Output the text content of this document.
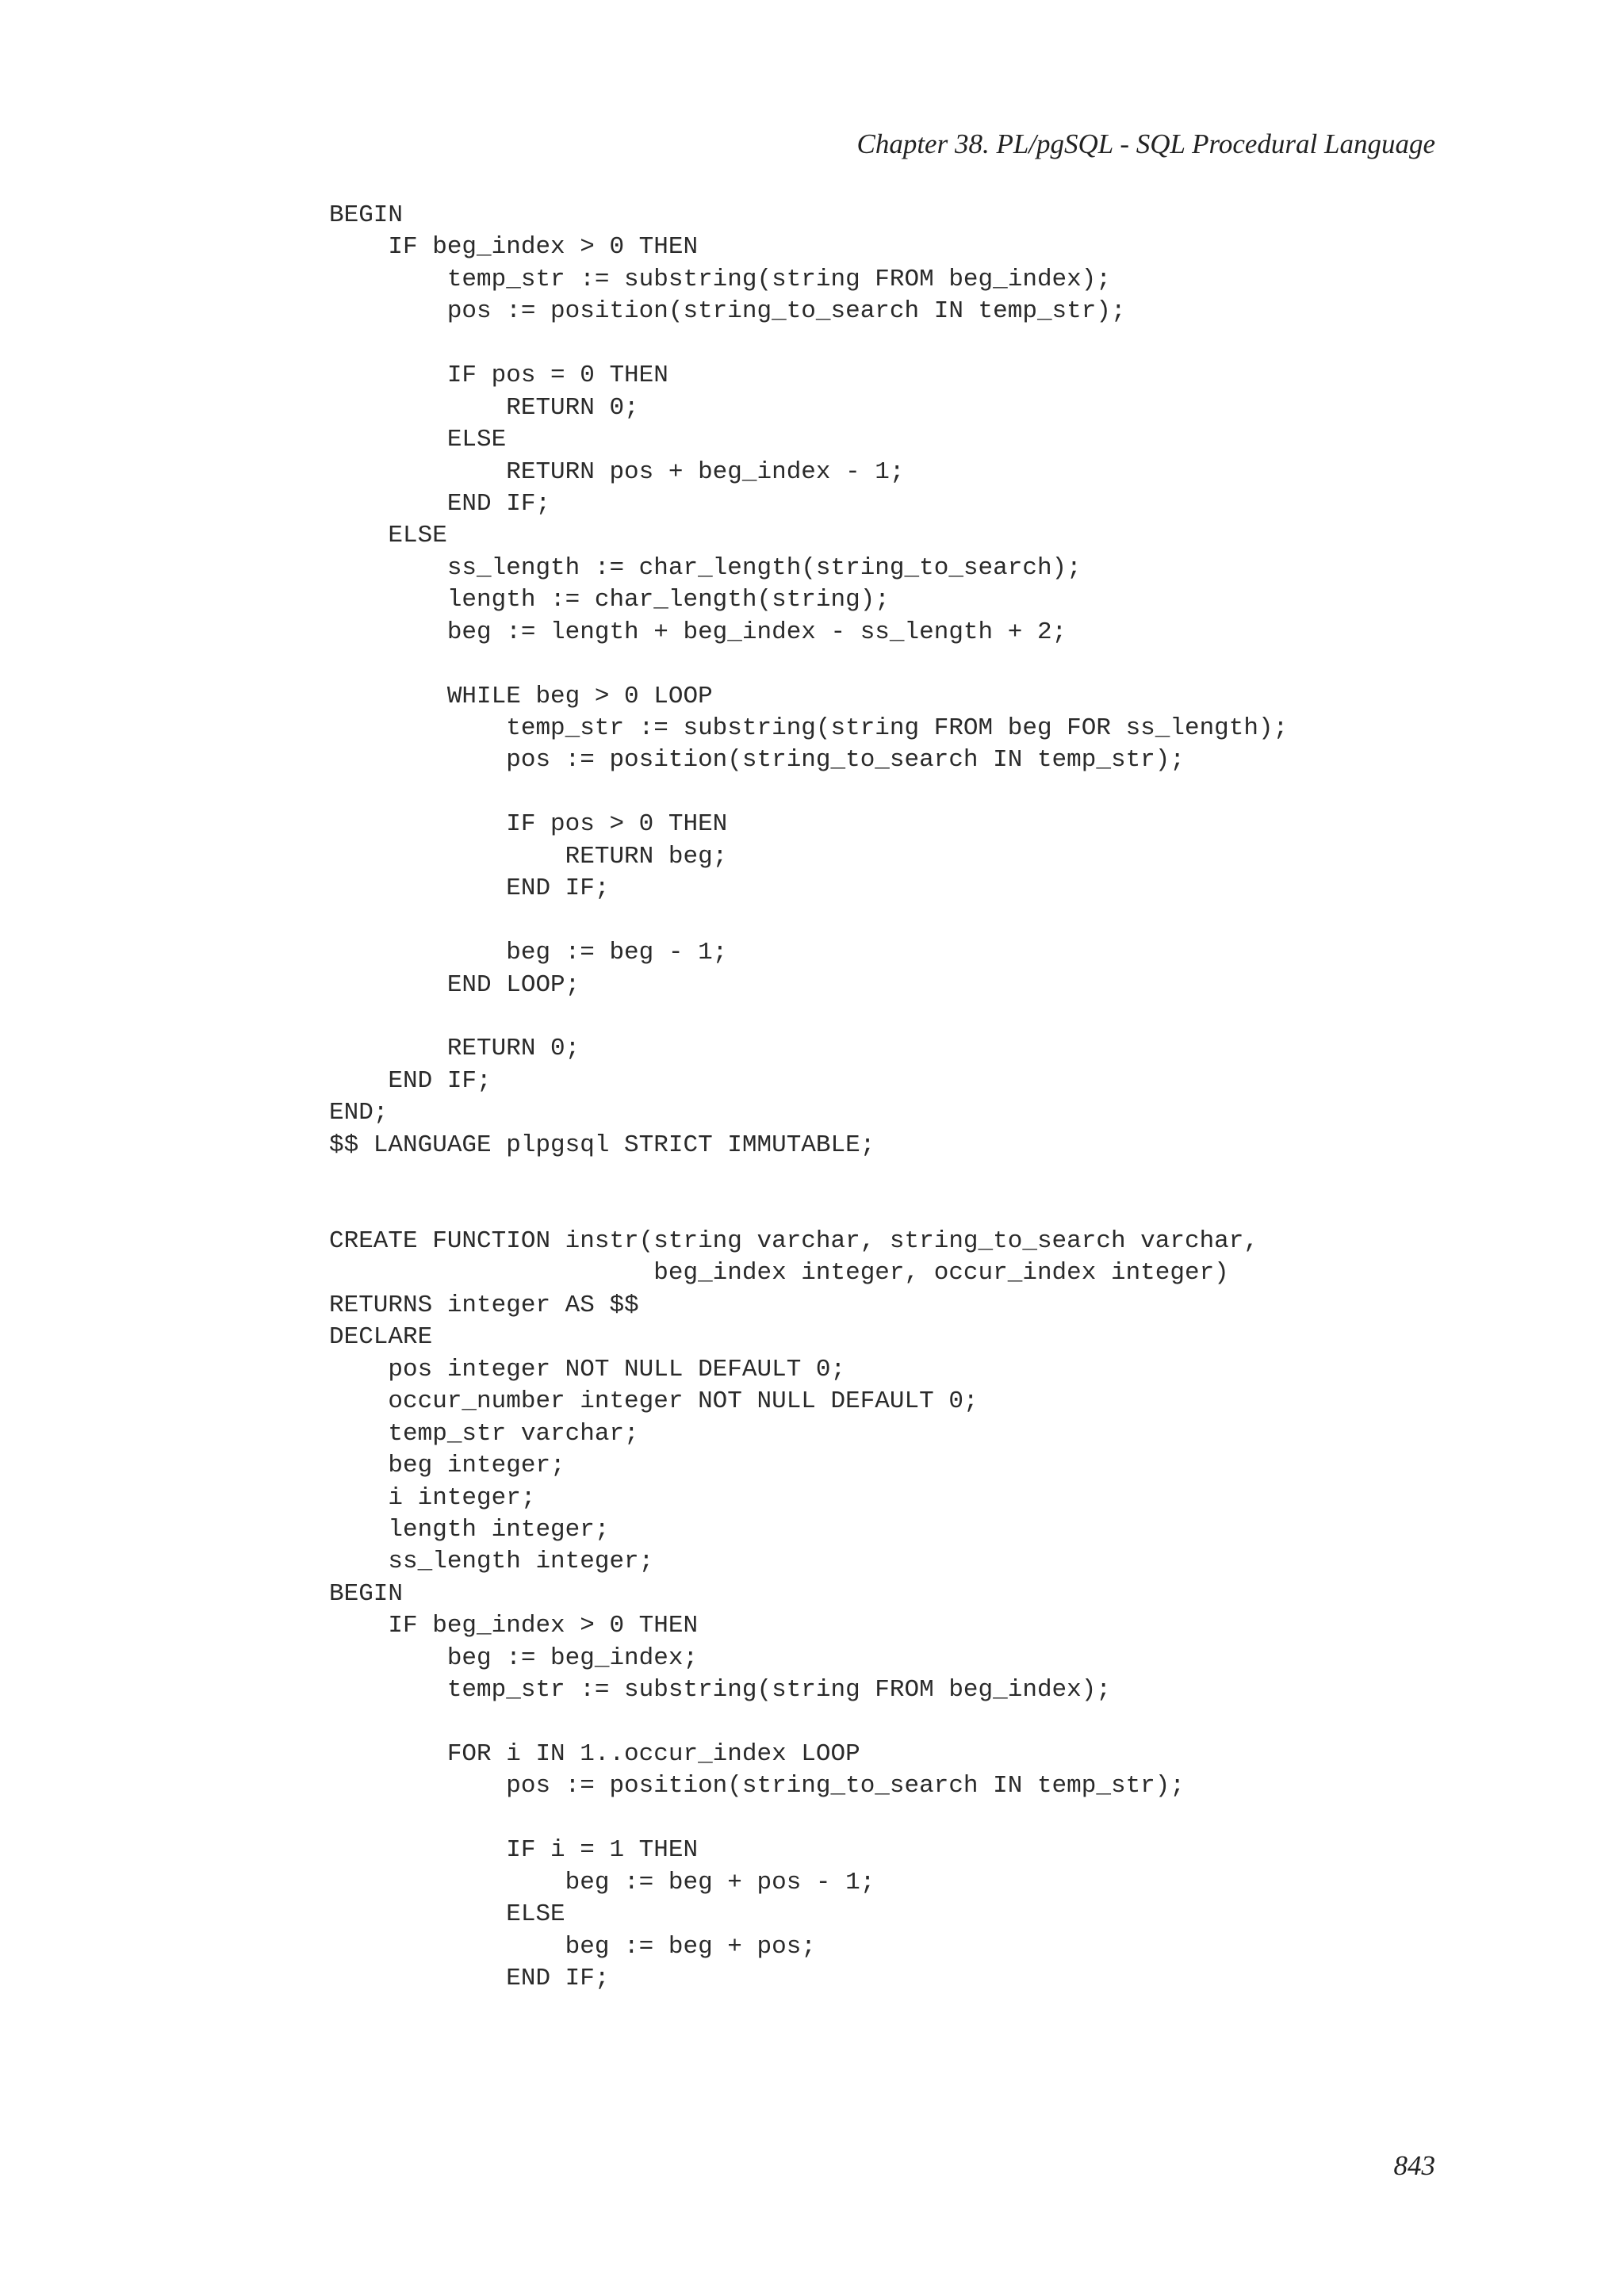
Chapter 38. PL/pgSQL - SQL Procedural Language
BEGIN
IF beg_index > 0 THEN
temp_str := substring(string FROM beg_index);
pos := position(string_to_search IN temp_str);
IF pos = 0 THEN
RETURN 0;
ELSE
RETURN pos + beg_index - 1;
END IF;
ELSE
ss_length := char_length(string_to_search);
length := char_length(string);
beg := length + beg_index - ss_length + 2;
WHILE beg > 0 LOOP
temp_str := substring(string FROM beg FOR ss_length);
pos := position(string_to_search IN temp_str);
IF pos > 0 THEN
RETURN beg;
END IF;
beg := beg - 1;
END LOOP;
RETURN 0;
END IF;
END;
$$ LANGUAGE plpgsql STRICT IMMUTABLE;
CREATE FUNCTION instr(string varchar, string_to_search varchar,
beg_index integer, occur_index integer)
RETURNS integer AS $$
DECLARE
pos integer NOT NULL DEFAULT 0;
occur_number integer NOT NULL DEFAULT 0;
temp_str varchar;
beg integer;
i integer;
length integer;
ss_length integer;
BEGIN
IF beg_index > 0 THEN
beg := beg_index;
temp_str := substring(string FROM beg_index);
FOR i IN 1..occur_index LOOP
pos := position(string_to_search IN temp_str);
IF i = 1 THEN
beg := beg + pos - 1;
ELSE
beg := beg + pos;
END IF;
843
